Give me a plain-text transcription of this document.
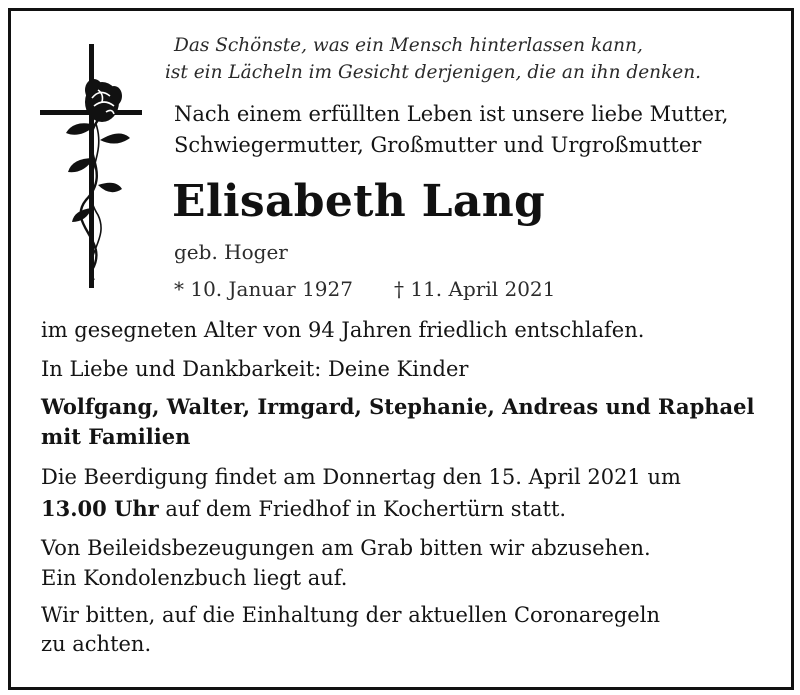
Das Schönste, was ein Mensch hinterlassen kann,
ist ein Lächeln im Gesicht derjenigen, die an ihn denken.
Nach einem erfüllten Leben ist unsere liebe Mutter,
Schwiegermutter, Großmutter und Urgroßmutter
Elisabeth Lang
geb. Hoger
* 10. Januar 1927 † 11. April 2021
im gesegneten Alter von 94 Jahren friedlich entschlafen.
In Liebe und Dankbarkeit: Deine Kinder
Wolfgang, Walter, Irmgard, Stephanie, Andreas und Raphael
mit Familien
Die Beerdigung findet am Donnertag den 15. April 2021 um
13.00 Uhr auf dem Friedhof in Kochertürn statt.
Von Beileidsbezeugungen am Grab bitten wir abzusehen.
Ein Kondolenzbuch liegt auf.
Wir bitten, auf die Einhaltung der aktuellen Coronaregeln
zu achten.
